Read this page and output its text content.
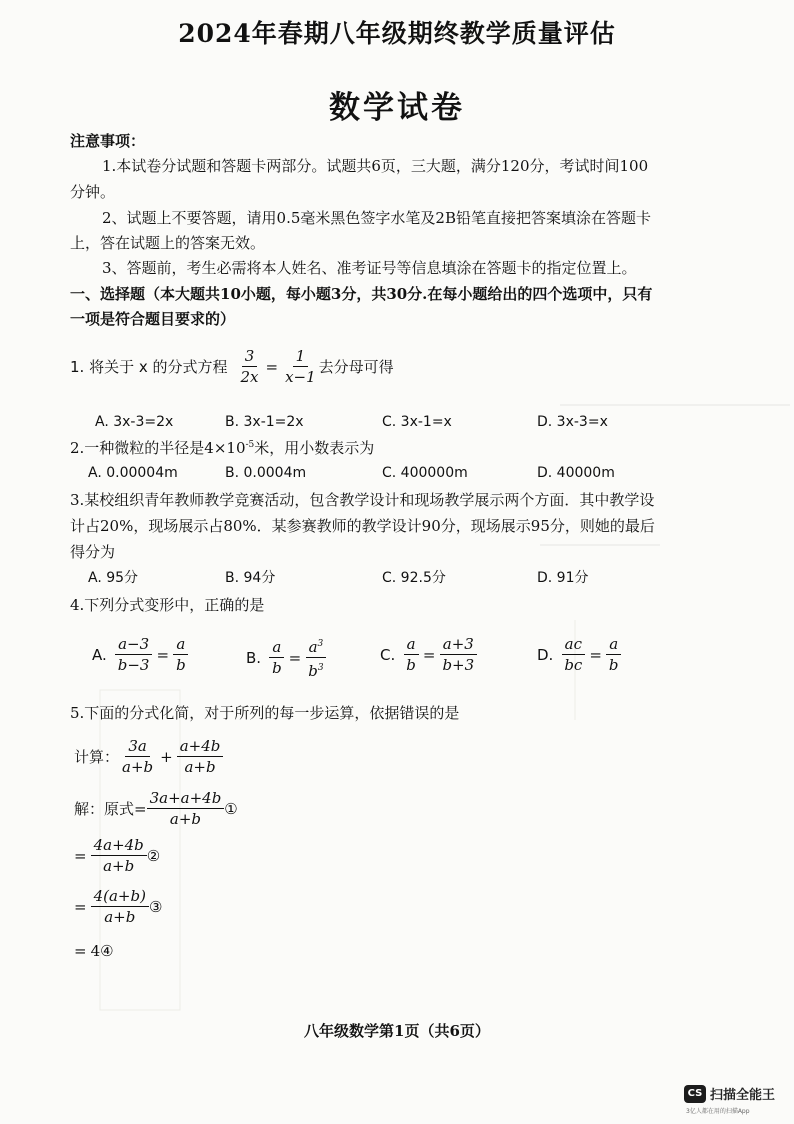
2024年春期八年级期终教学质量评估
数学试卷
注意事项：
1.本试卷分试题和答题卡两部分。试题共6页，三大题，满分120分，考试时间100
分钟。
2、试题上不要答题，请用0.5毫米黑色签字水笔及2B铅笔直接把答案填涂在答题卡
上，答在试题上的答案无效。
3、答题前，考生必需将本人姓名、准考证号等信息填涂在答题卡的指定位置上。
一、选择题（本大题共10小题，每小题3分，共30分.在每小题给出的四个选项中，只有
一项是符合题目要求的）
1. 将关于 x 的分式方程 $\frac{3}{2x} = \frac{1}{x-1}$ 去分母可得
A. 3x-3=2x	B. 3x-1=2x	C. 3x-1=x	D. 3x-3=x
2.一种微粒的半径是$4\times 10^{-5}$米，用小数表示为
A. 0.00004m	B. 0.0004m	C. 400000m	D. 40000m
3.某校组织青年教师教学竞赛活动，包含教学设计和现场教学展示两个方面．其中教学设
计占20%，现场展示占80%．某参赛教师的教学设计90分，现场展示95分，则她的最后
得分为
A. 95分	B. 94分	C. 92.5分	D. 91分
4.下列分式变形中，正确的是
A. $\frac{a-3}{b-3} = \frac{a}{b}$	B. $\frac{a}{b} = \frac{a^3}{b^3}$	C. $\frac{a}{b} = \frac{a+3}{b+3}$	D. $\frac{ac}{bc} = \frac{a}{b}$
5.下面的分式化简，对于所列的每一步运算，依据错误的是
计算： $\frac{3a}{a+b} + \frac{a+4b}{a+b}$
解：原式= $\frac{3a+a+4b}{a+b}$ ①
= $\frac{4a+4b}{a+b}$ ②
= $\frac{4(a+b)}{a+b}$ ③
= 4④
八年级数学第1页（共6页）
CS 扫描全能王
3亿人都在用的扫描App
